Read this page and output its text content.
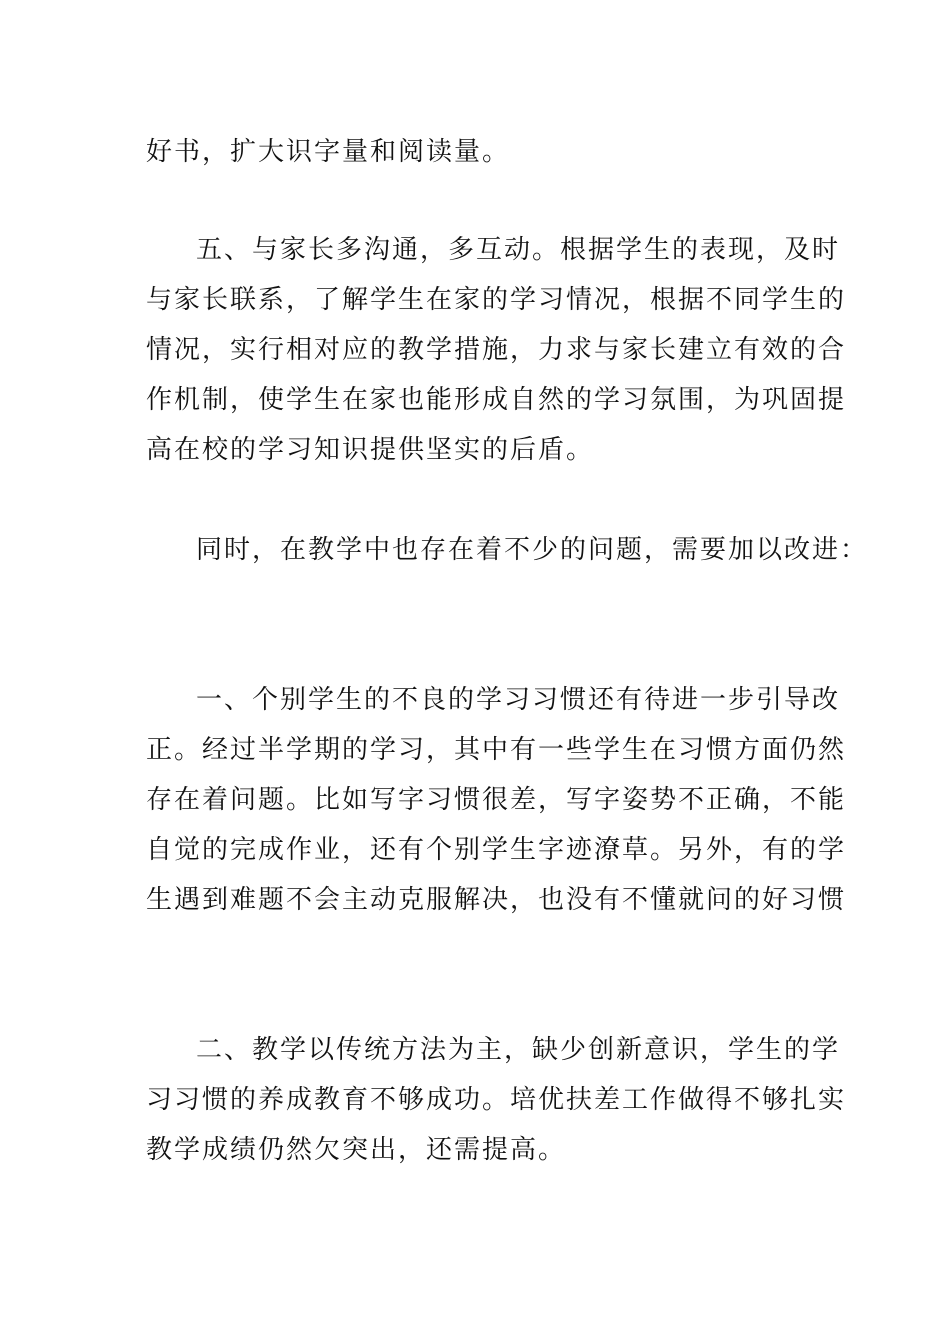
好书，扩大识字量和阅读量。
五、与家长多沟通，多互动。根据学生的表现，及时
与家长联系，了解学生在家的学习情况，根据不同学生的
情况，实行相对应的教学措施，力求与家长建立有效的合
作机制，使学生在家也能形成自然的学习氛围，为巩固提
高在校的学习知识提供坚实的后盾。
同时，在教学中也存在着不少的问题，需要加以改进：
一、个别学生的不良的学习习惯还有待进一步引导改
正。经过半学期的学习，其中有一些学生在习惯方面仍然
存在着问题。比如写字习惯很差，写字姿势不正确，不能
自觉的完成作业，还有个别学生字迹潦草。另外，有的学
生遇到难题不会主动克服解决，也没有不懂就问的好习惯
二、教学以传统方法为主，缺少创新意识，学生的学
习习惯的养成教育不够成功。培优扶差工作做得不够扎实
教学成绩仍然欠突出，还需提高。
